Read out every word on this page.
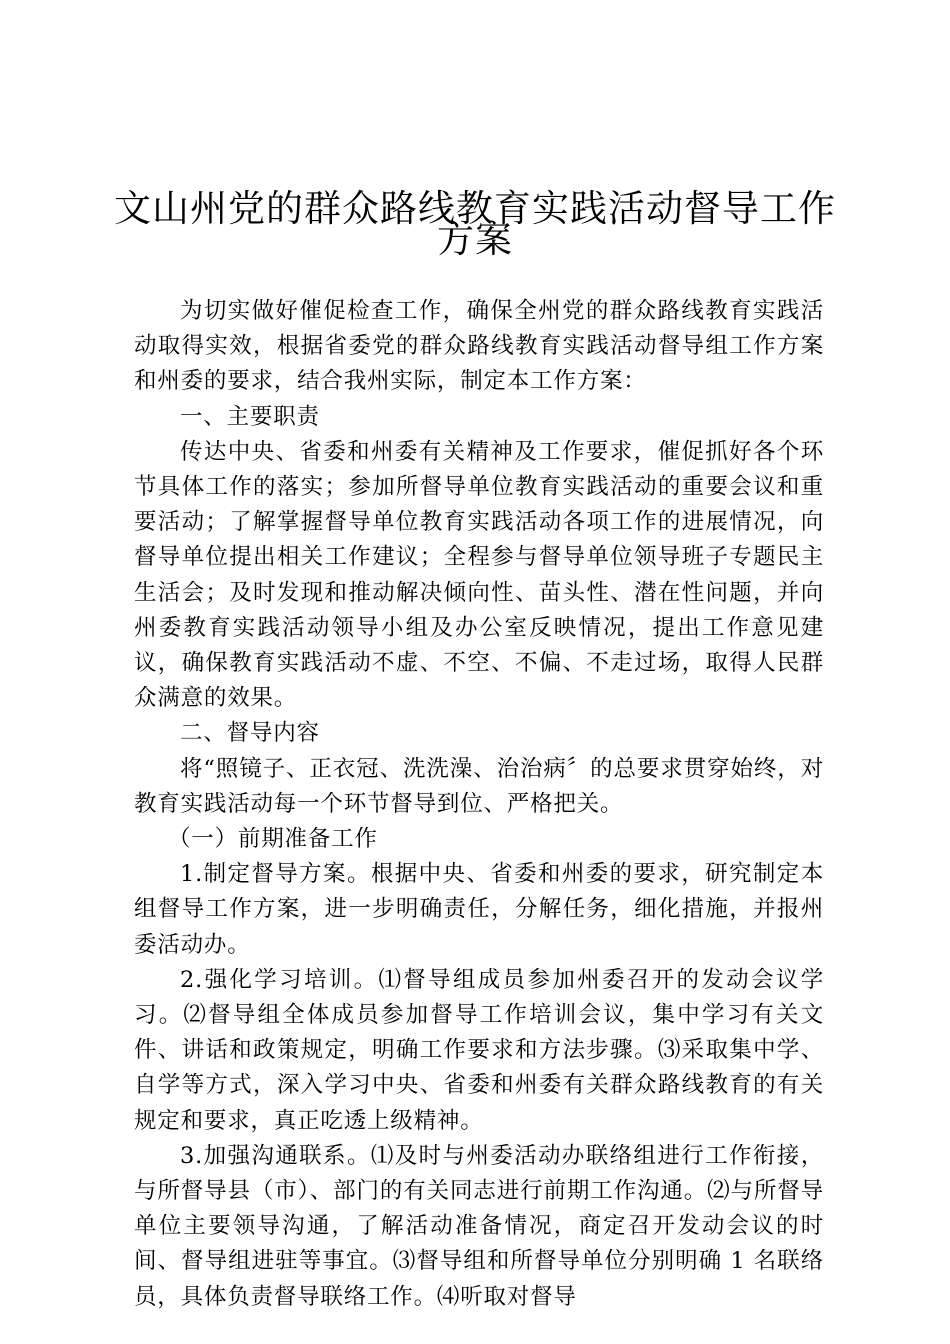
文山州党的群众路线教育实践活动督导工作
方案

为切实做好催促检查工作，确保全州党的群众路线教育实践活动取得实效，根据省委党的群众路线教育实践活动督导组工作方案和州委的要求，结合我州实际，制定本工作方案：

一、主要职责

传达中央、省委和州委有关精神及工作要求，催促抓好各个环节具体工作的落实；参加所督导单位教育实践活动的重要会议和重要活动；了解掌握督导单位教育实践活动各项工作的进展情况，向督导单位提出相关工作建议；全程参与督导单位领导班子专题民主生活会；及时发现和推动解决倾向性、苗头性、潜在性问题，并向州委教育实践活动领导小组及办公室反映情况，提出工作意见建议，确保教育实践活动不虚、不空、不偏、不走过场，取得人民群众满意的效果。

二、督导内容

将“照镜子、正衣冠、洗洗澡、治治病〞的总要求贯穿始终，对教育实践活动每一个环节督导到位、严格把关。

（一）前期准备工作

1.制定督导方案。根据中央、省委和州委的要求，研究制定本组督导工作方案，进一步明确责任，分解任务，细化措施，并报州委活动办。

2.强化学习培训。⑴督导组成员参加州委召开的发动会议学习。⑵督导组全体成员参加督导工作培训会议，集中学习有关文件、讲话和政策规定，明确工作要求和方法步骤。⑶采取集中学、自学等方式，深入学习中央、省委和州委有关群众路线教育的有关规定和要求，真正吃透上级精神。

3.加强沟通联系。⑴及时与州委活动办联络组进行工作衔接，与所督导县（市）、部门的有关同志进行前期工作沟通。⑵与所督导单位主要领导沟通，了解活动准备情况，商定召开发动会议的时间、督导组进驻等事宜。⑶督导组和所督导单位分别明确 1 名联络员，具体负责督导联络工作。⑷听取对督导
